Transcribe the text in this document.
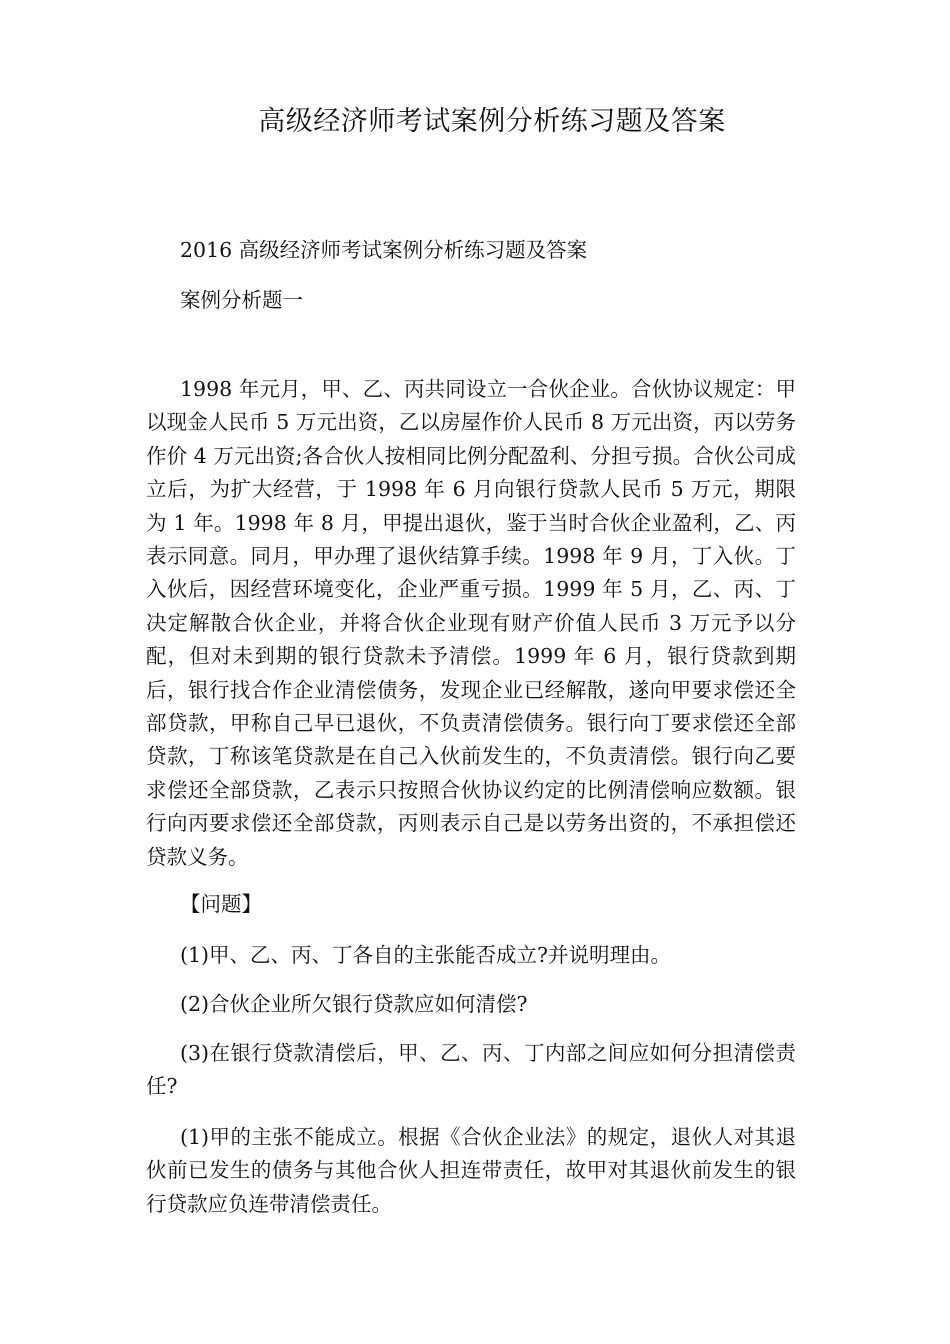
高级经济师考试案例分析练习题及答案

2016 高级经济师考试案例分析练习题及答案

案例分析题一

1998 年元月，甲、乙、丙共同设立一合伙企业。合伙协议规定：甲以现金人民币 5 万元出资，乙以房屋作价人民币 8 万元出资，丙以劳务作价 4 万元出资;各合伙人按相同比例分配盈利、分担亏损。合伙公司成立后，为扩大经营，于 1998 年 6 月向银行贷款人民币 5 万元，期限为 1 年。1998 年 8 月，甲提出退伙，鉴于当时合伙企业盈利，乙、丙表示同意。同月，甲办理了退伙结算手续。1998 年 9 月，丁入伙。丁入伙后，因经营环境变化，企业严重亏损。1999 年 5 月，乙、丙、丁决定解散合伙企业，并将合伙企业现有财产价值人民币 3 万元予以分配，但对未到期的银行贷款未予清偿。1999 年 6 月，银行贷款到期后，银行找合作企业清偿债务，发现企业已经解散，遂向甲要求偿还全部贷款，甲称自己早已退伙，不负责清偿债务。银行向丁要求偿还全部贷款，丁称该笔贷款是在自己入伙前发生的，不负责清偿。银行向乙要求偿还全部贷款，乙表示只按照合伙协议约定的比例清偿响应数额。银行向丙要求偿还全部贷款，丙则表示自己是以劳务出资的，不承担偿还贷款义务。

【问题】

(1)甲、乙、丙、丁各自的主张能否成立?并说明理由。

(2)合伙企业所欠银行贷款应如何清偿?

(3)在银行贷款清偿后，甲、乙、丙、丁内部之间应如何分担清偿责任?

(1)甲的主张不能成立。根据《合伙企业法》的规定，退伙人对其退伙前已发生的债务与其他合伙人担连带责任，故甲对其退伙前发生的银行贷款应负连带清偿责任。
